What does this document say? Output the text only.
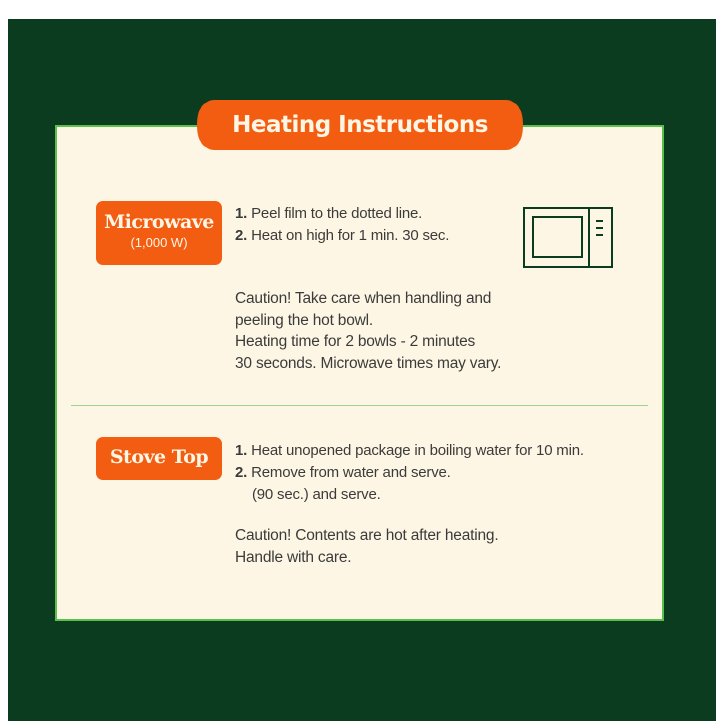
Heating Instructions
Microwave
(1,000 W)
1. Peel film to the dotted line.
2. Heat on high for 1 min. 30 sec.
Caution! Take care when handling and
peeling the hot bowl.
Heating time for 2 bowls - 2 minutes
30 seconds. Microwave times may vary.
Stove Top	1. Heat unopened package in boiling water for 10 min.
2. Remove from water and serve.
(90 sec.) and serve.
Caution! Contents are hot after heating.
Handle with care.
